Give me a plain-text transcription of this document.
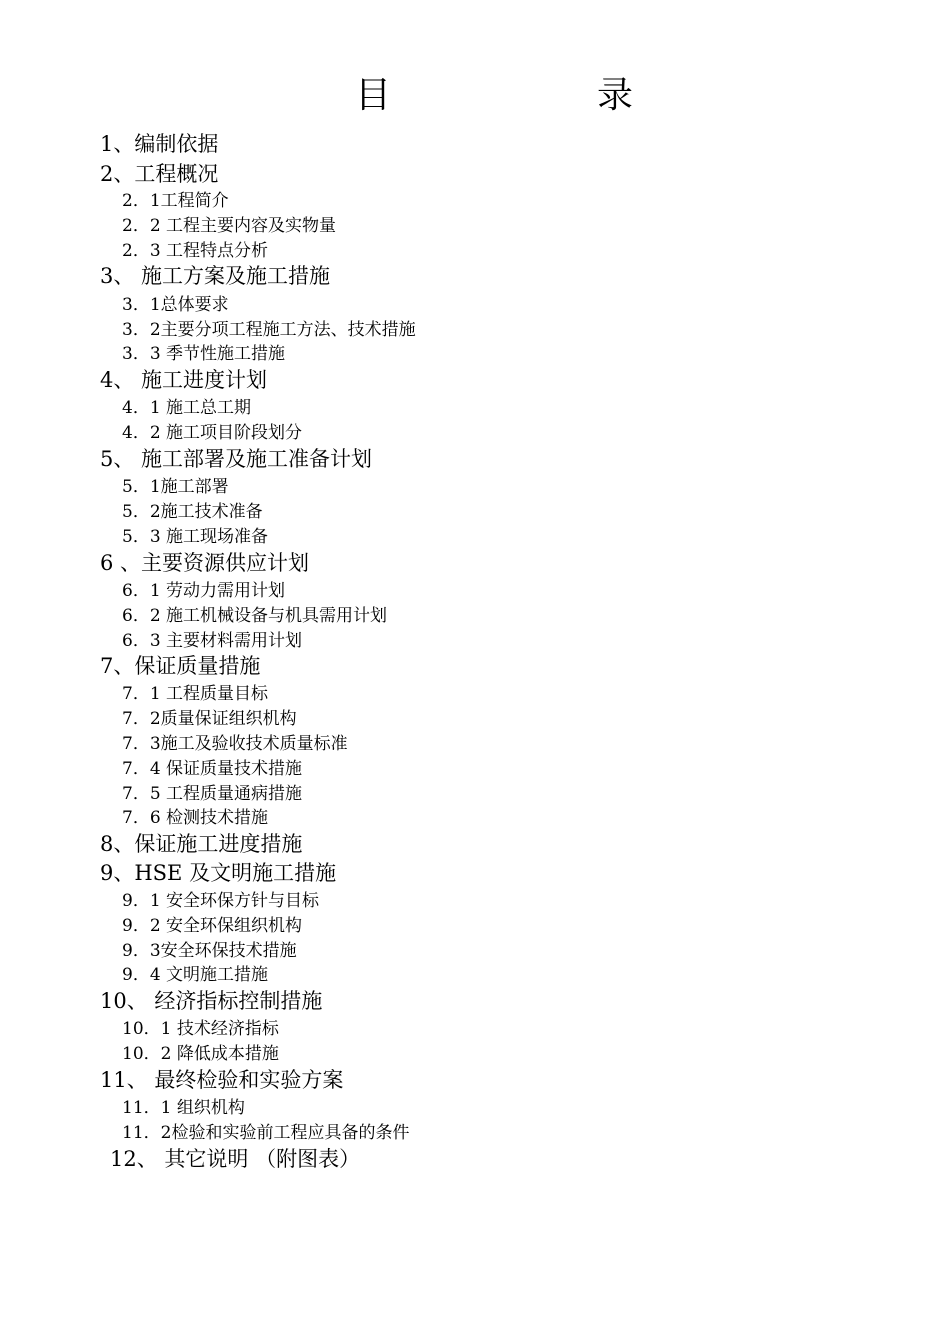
目	录
1、编制依据
2、工程概况
2．1工程简介
2．2 工程主要内容及实物量
2．3 工程特点分析
3、 施工方案及施工措施
3．1总体要求
3．2主要分项工程施工方法、技术措施
3．3 季节性施工措施
4、 施工进度计划
4．1 施工总工期
4．2 施工项目阶段划分
5、 施工部署及施工准备计划
5．1施工部署
5．2施工技术准备
5．3 施工现场准备
6 、主要资源供应计划
6．1 劳动力需用计划
6．2 施工机械设备与机具需用计划
6．3 主要材料需用计划
7、保证质量措施
7．1 工程质量目标
7．2质量保证组织机构
7．3施工及验收技术质量标准
7．4 保证质量技术措施
7．5 工程质量通病措施
7．6 检测技术措施
8、保证施工进度措施
9、HSE 及文明施工措施
9．1 安全环保方针与目标
9．2 安全环保组织机构
9．3安全环保技术措施
9．4 文明施工措施
10、 经济指标控制措施
10．1 技术经济指标
10．2 降低成本措施
11、 最终检验和实验方案
11．1 组织机构
11．2检验和实验前工程应具备的条件
12、 其它说明 （附图表）
